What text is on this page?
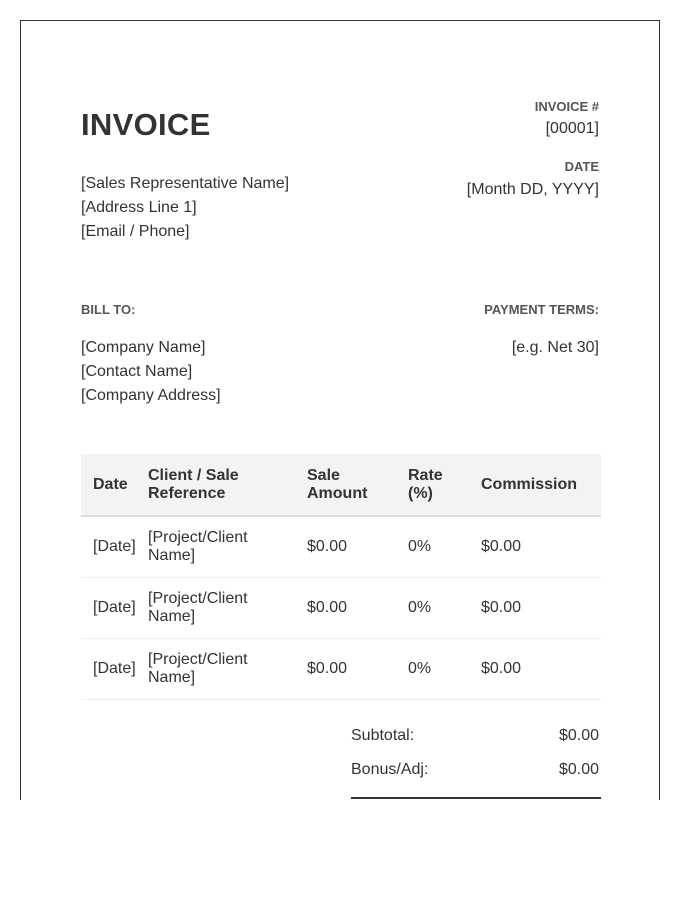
INVOICE
INVOICE #
[00001]
DATE
[Month DD, YYYY]
[Sales Representative Name]
[Address Line 1]
[Email / Phone]
BILL TO:	PAYMENT TERMS:
[Company Name]
[Contact Name]
[Company Address]
[e.g. Net 30]
Date	Client / Sale Reference	Sale Amount	Rate (%)	Commission
[Date]	[Project/Client Name]	$0.00	0%	$0.00
[Date]	[Project/Client Name]	$0.00	0%	$0.00
[Date]	[Project/Client Name]	$0.00	0%	$0.00
Subtotal:	$0.00
Bonus/Adj:	$0.00
